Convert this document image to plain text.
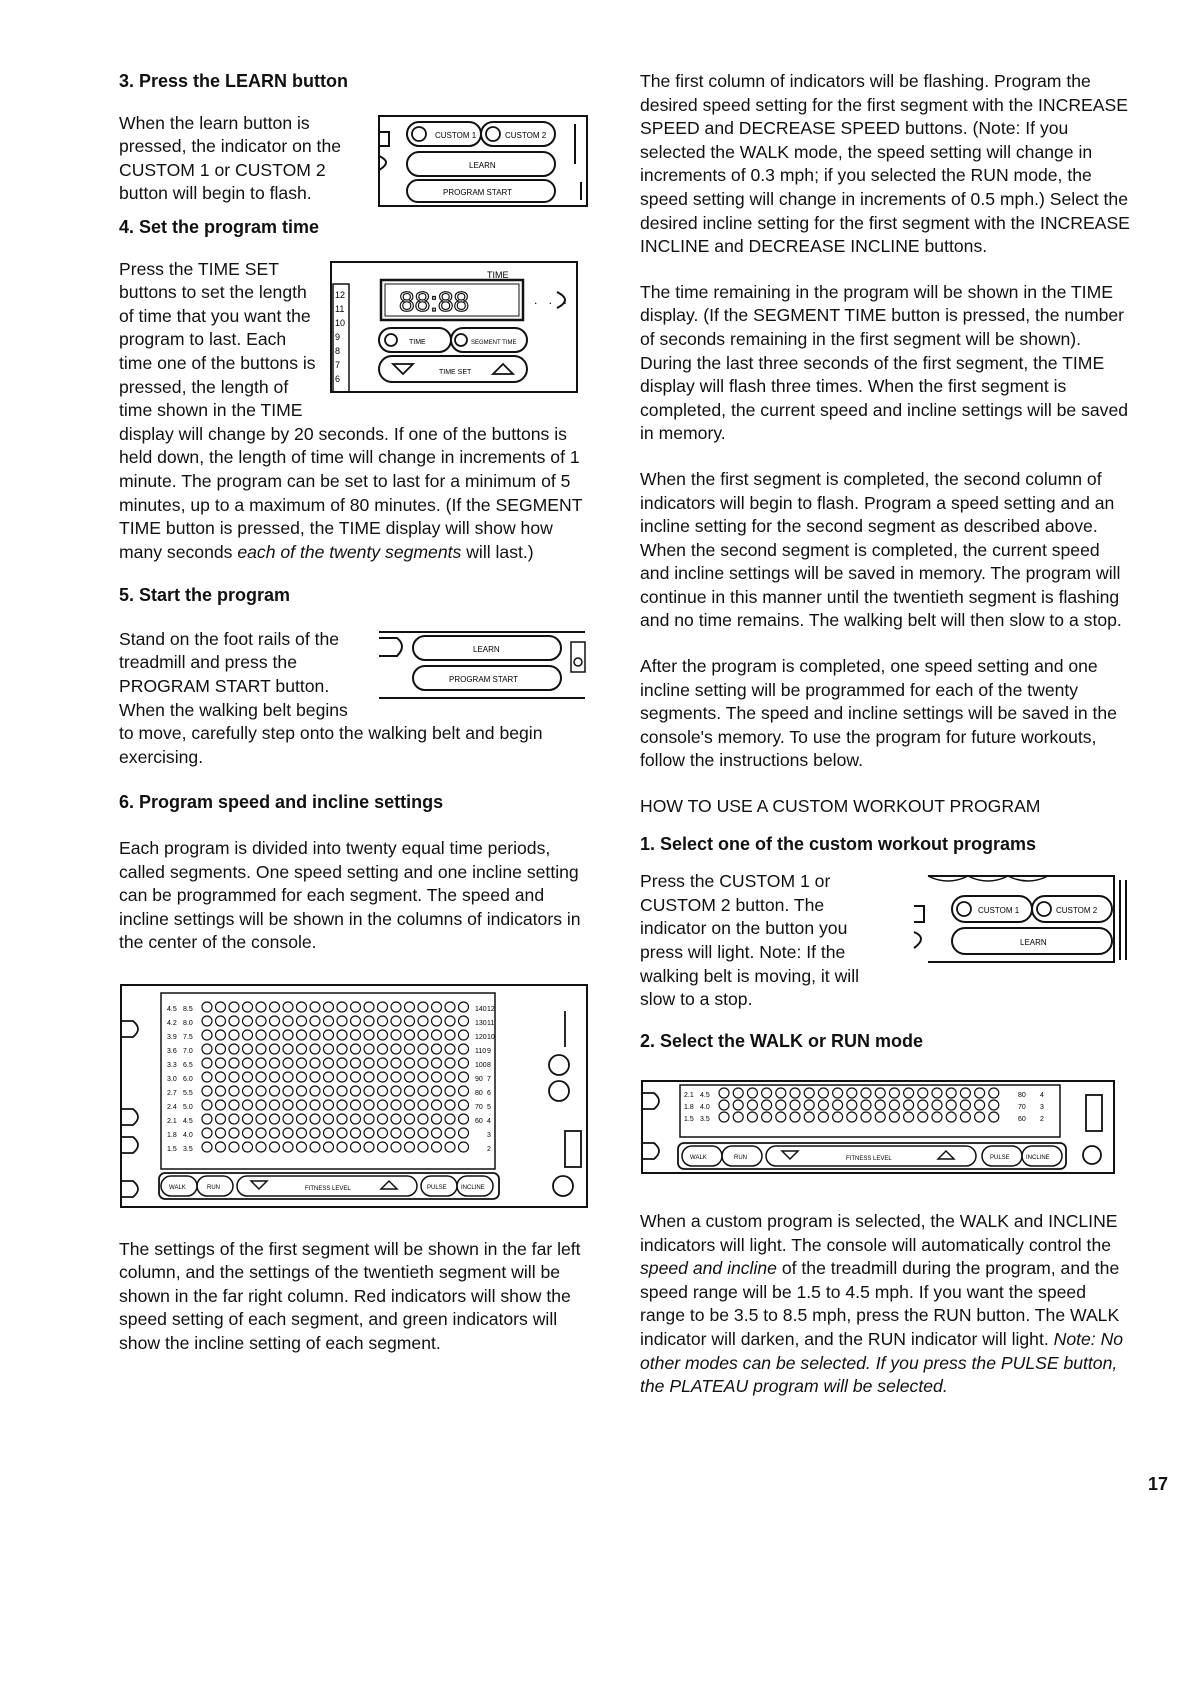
3. Press the LEARN button

CUSTOM 1	CUSTOM 2
LEARN
PROGRAM START

When the learn button is pressed, the indicator on the CUSTOM 1 or CUSTOM 2 button will begin to flash.

4. Set the program time

12
11
10
9
8
7
6
TIME
88:88
TIME	SEGMENT TIME
TIME SET
. . .

Press the TIME SET buttons to set the length of time that you want the program to last. Each time one of the buttons is pressed, the length of time shown in the TIME display will change by 20 seconds. If one of the buttons is held down, the length of time will change in increments of 1 minute. The program can be set to last for a minimum of 5 minutes, up to a maximum of 80 minutes. (If the SEGMENT TIME button is pressed, the TIME display will show how many seconds each of the twenty segments will last.)

5. Start the program

LEARN
PROGRAM START

Stand on the foot rails of the treadmill and press the PROGRAM START button. When the walking belt begins to move, carefully step onto the walking belt and begin exercising.

6. Program speed and incline settings

Each program is divided into twenty equal time periods, called segments. One speed setting and one incline setting can be programmed for each segment. The speed and incline settings will be shown in the columns of indicators in the center of the console.

4.5 8.5	140 12
4.2 8.0	130 11
3.9 7.5	120 10
3.6 7.0	110 9
3.3 6.5	100 8
3.0 6.0	90 7
2.7 5.5	80 6
2.4 5.0	70 5
2.1 4.5	60 4
1.8 4.0	3
1.5 3.5	2
WALK	RUN	FITNESS LEVEL	PULSE INCLINE

The settings of the first segment will be shown in the far left column, and the settings of the twentieth segment will be shown in the far right column. Red indicators will show the speed setting of each segment, and green indicators will show the incline setting of each segment.

The first column of indicators will be flashing. Program the desired speed setting for the first segment with the INCREASE SPEED and DECREASE SPEED buttons. (Note: If you selected the WALK mode, the speed setting will change in increments of 0.3 mph; if you selected the RUN mode, the speed setting will change in increments of 0.5 mph.) Select the desired incline setting for the first segment with the INCREASE INCLINE and DECREASE INCLINE buttons.

The time remaining in the program will be shown in the TIME display. (If the SEGMENT TIME button is pressed, the number of seconds remaining in the first segment will be shown). During the last three seconds of the first segment, the TIME display will flash three times. When the first segment is completed, the current speed and incline settings will be saved in memory.

When the first segment is completed, the second column of indicators will begin to flash. Program a speed setting and an incline setting for the second segment as described above. When the second segment is completed, the current speed and incline settings will be saved in memory. The program will continue in this manner until the twentieth segment is flashing and no time remains. The walking belt will then slow to a stop.

After the program is completed, one speed setting and one incline setting will be programmed for each of the twenty segments. The speed and incline settings will be saved in the console's memory. To use the program for future workouts, follow the instructions below.

HOW TO USE A CUSTOM WORKOUT PROGRAM

1. Select one of the custom workout programs

CUSTOM 1	CUSTOM 2
LEARN

Press the CUSTOM 1 or CUSTOM 2 button. The indicator on the button you press will light. Note: If the walking belt is moving, it will slow to a stop.

2. Select the WALK or RUN mode

2.1 4.5	80 4
1.8 4.0	70 3
1.5 3.5	60 2
WALK	RUN	FITNESS LEVEL	PULSE	INCLINE

When a custom program is selected, the WALK and INCLINE indicators will light. The console will automatically control the speed and incline of the treadmill during the program, and the speed range will be 1.5 to 4.5 mph. If you want the speed range to be 3.5 to 8.5 mph, press the RUN button. The WALK indicator will darken, and the RUN indicator will light. Note: No other modes can be selected. If you press the PULSE button, the PLATEAU program will be selected.

17
